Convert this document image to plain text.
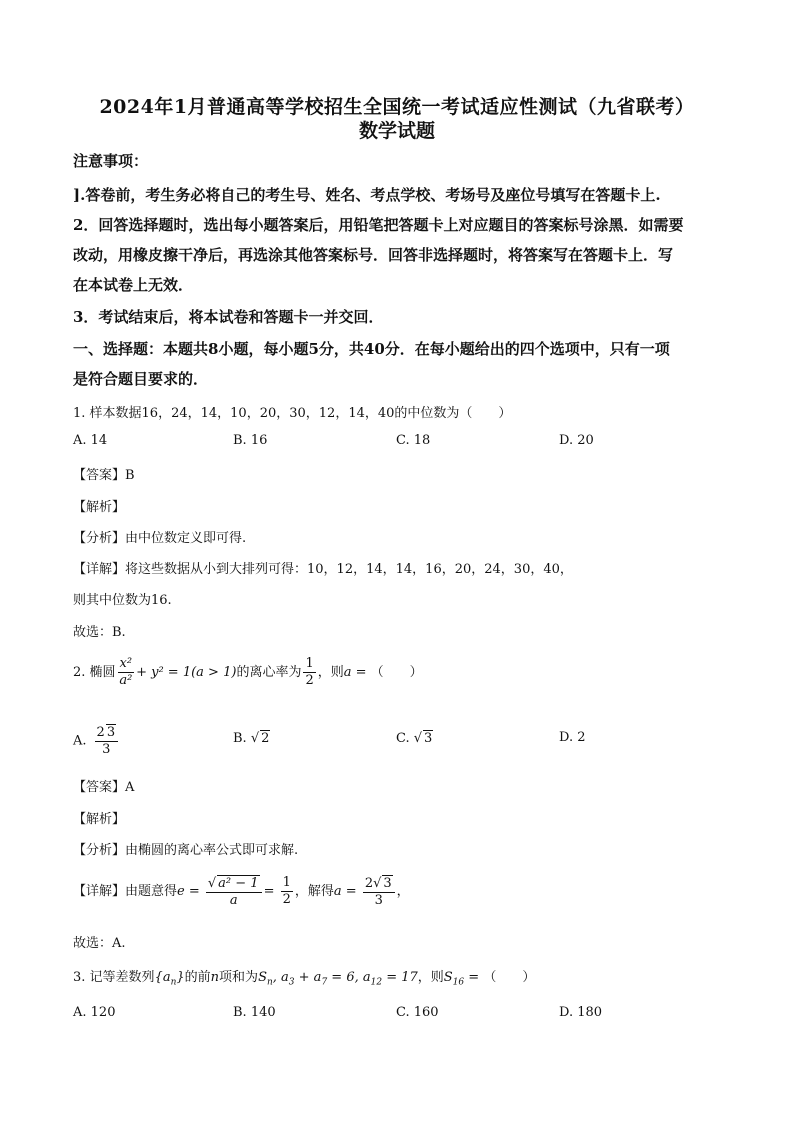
2024年1月普通高等学校招生全国统一考试适应性测试（九省联考）
数学试题
注意事项：
].答卷前，考生务必将自己的考生号、姓名、考点学校、考场号及座位号填写在答题卡上.
2．回答选择题时，选出每小题答案后，用铅笔把答题卡上对应题目的答案标号涂黑．如需要
改动，用橡皮擦干净后，再选涂其他答案标号．回答非选择题时，将答案写在答题卡上．写
在本试卷上无效．
3．考试结束后，将本试卷和答题卡一并交回．
一、选择题：本题共8小题，每小题5分，共40分．在每小题给出的四个选项中，只有一项
是符合题目要求的．
1. 样本数据16，24，14，10，20，30，12，14，40的中位数为（　　）
A. 14	B. 16	C. 18	D. 20
【答案】B
【解析】
【分析】由中位数定义即可得.
【详解】将这些数据从小到大排列可得：10，12，14，14，16，20，24，30，40，
则其中位数为16.
故选：B.
2. 椭圆 $\frac{\text{x²}}{\text{a²}} + y^2 = 1(a > 1)$的离心率为 $\frac{1}{2}$ ，则a = （　　）
A. $\frac{2 3}{3}$	B. √ 2	C. √ 3	D. 2
【答案】A
【解析】
【分析】由椭圆的离心率公式即可求解.
【详解】由题意得$e = \frac{\text{√ a² − 1}}{a} = \frac{1}{2}$ ，解得$a = \frac{2√ 3}{3}$ ，
故选：A.
3. 记等差数列$\{a_n\}$的前n项和为$S_n$, $a_3 + a_7 = 6$, $a_{12} = 17$，则$S_{16}$ = （　　）
A. 120	B. 140	C. 160	D. 180
